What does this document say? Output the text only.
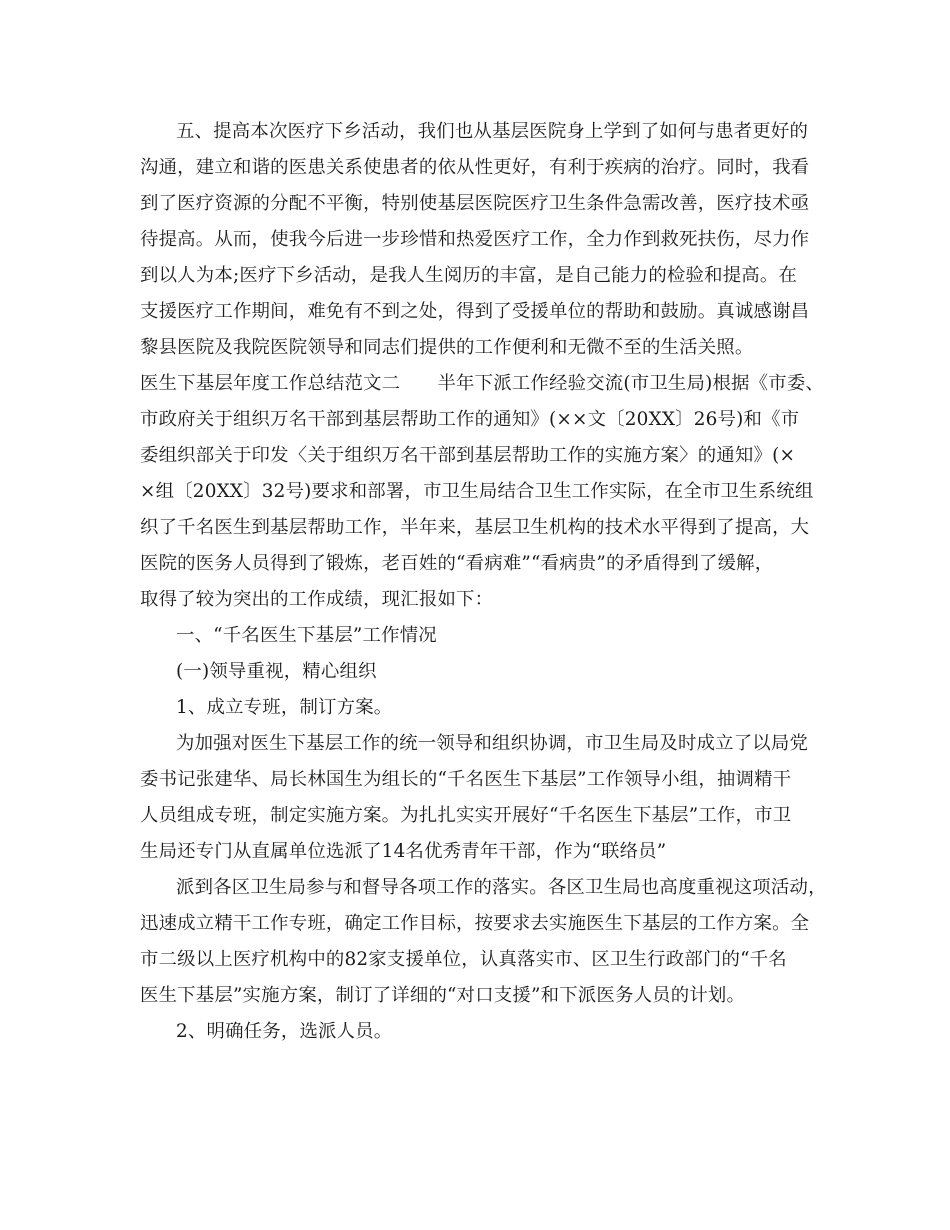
五、提高本次医疗下乡活动，我们也从基层医院身上学到了如何与患者更好的
沟通，建立和谐的医患关系使患者的依从性更好，有利于疾病的治疗。同时，我看
到了医疗资源的分配不平衡，特别使基层医院医疗卫生条件急需改善，医疗技术亟
待提高。从而，使我今后进一步珍惜和热爱医疗工作，全力作到救死扶伤，尽力作
到以人为本;医疗下乡活动，是我人生阅历的丰富，是自己能力的检验和提高。在
支援医疗工作期间，难免有不到之处，得到了受援单位的帮助和鼓励。真诚感谢昌
黎县医院及我院医院领导和同志们提供的工作便利和无微不至的生活关照。
医生下基层年度工作总结范文二　　半年下派工作经验交流(市卫生局)根据《市委、
市政府关于组织万名干部到基层帮助工作的通知》(××文〔20XX〕26号)和《市
委组织部关于印发〈关于组织万名干部到基层帮助工作的实施方案〉的通知》(×
×组〔20XX〕32号)要求和部署，市卫生局结合卫生工作实际，在全市卫生系统组
织了千名医生到基层帮助工作，半年来，基层卫生机构的技术水平得到了提高，大
医院的医务人员得到了锻炼，老百姓的“看病难”“看病贵”的矛盾得到了缓解，
取得了较为突出的工作成绩，现汇报如下：
一、“千名医生下基层”工作情况
(一)领导重视，精心组织
1、成立专班，制订方案。
为加强对医生下基层工作的统一领导和组织协调，市卫生局及时成立了以局党
委书记张建华、局长林国生为组长的“千名医生下基层”工作领导小组，抽调精干
人员组成专班，制定实施方案。为扎扎实实开展好“千名医生下基层”工作，市卫
生局还专门从直属单位选派了14名优秀青年干部，作为“联络员”
派到各区卫生局参与和督导各项工作的落实。各区卫生局也高度重视这项活动，
迅速成立精干工作专班，确定工作目标，按要求去实施医生下基层的工作方案。全
市二级以上医疗机构中的82家支援单位，认真落实市、区卫生行政部门的“千名
医生下基层”实施方案，制订了详细的“对口支援”和下派医务人员的计划。
2、明确任务，选派人员。
